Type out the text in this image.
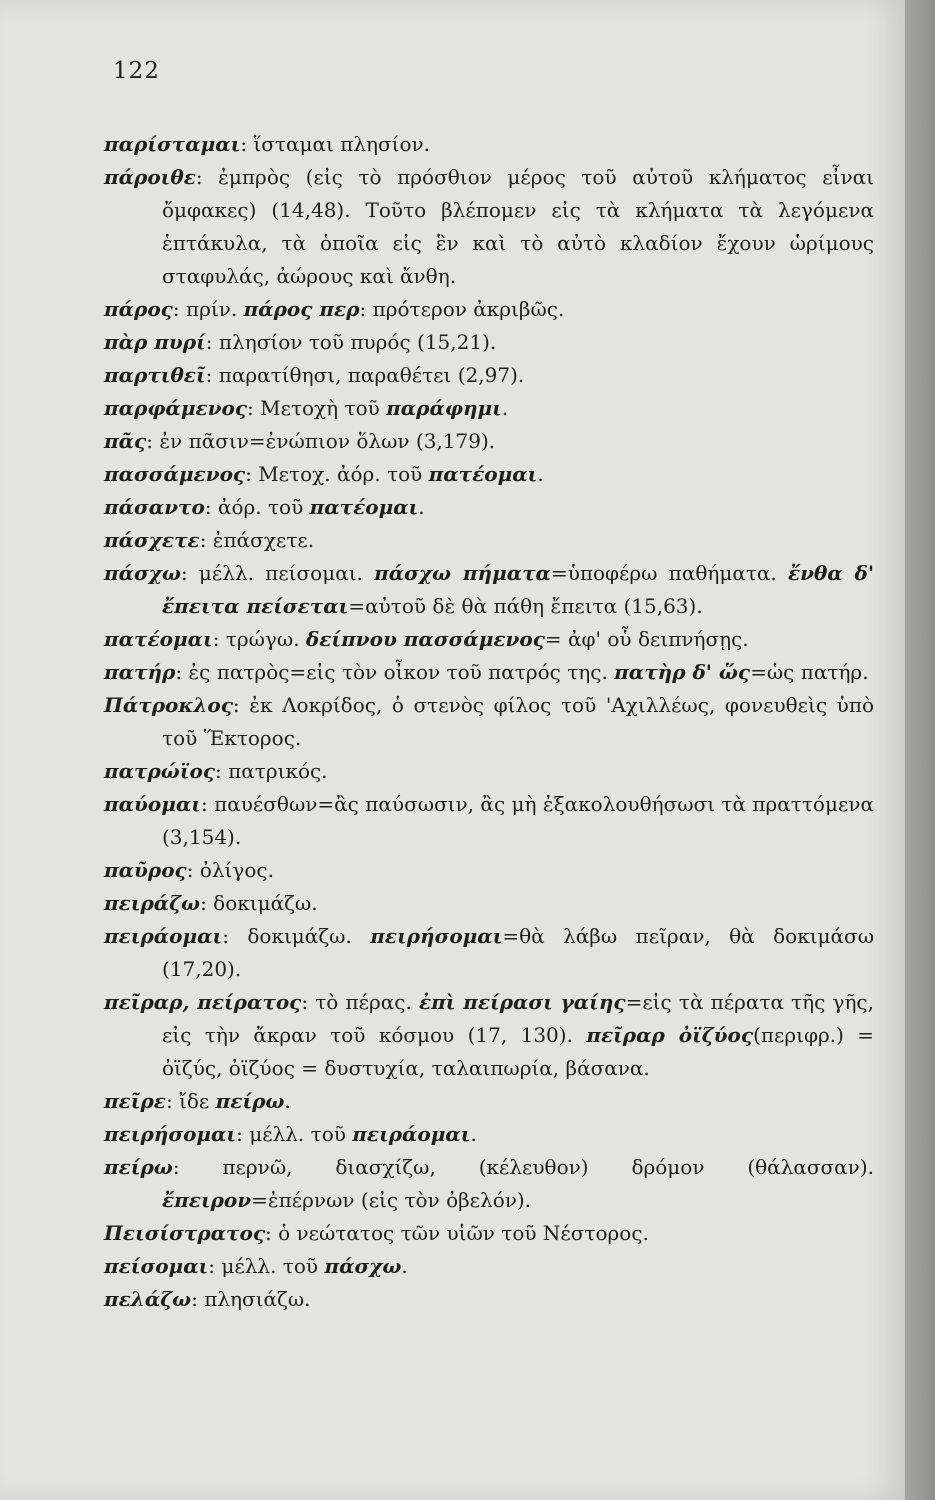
122

παρίσταμαι: ἵσταμαι πλησίον.

πάροιθε: ἐμπρὸς (εἰς τὸ πρόσθιον μέρος τοῦ αὐτοῦ κλήματος εἶναι ὄμφακες) (14,48). Τοῦτο βλέπομεν εἰς τὰ κλήματα τὰ λεγόμενα ἑπτάκυλα, τὰ ὁποῖα εἰς ἓν καὶ τὸ αὐτὸ κλαδίον ἔχουν ὡρίμους σταφυλάς, ἀώρους καὶ ἄνθη.

πάρος: πρίν. πάρος περ: πρότερον ἀκριβῶς.

πὰρ πυρί: πλησίον τοῦ πυρός (15,21).

παρτιθεῖ: παρατίθησι, παραθέτει (2,97).

παρφάμενος: Μετοχὴ τοῦ παράφημι.

πᾶς: ἐν πᾶσιν=ἐνώπιον ὅλων (3,179).

πασσάμενος: Μετοχ. ἀόρ. τοῦ πατέομαι.

πάσαντο: ἀόρ. τοῦ πατέομαι.

πάσχετε: ἐπάσχετε.

πάσχω: μέλλ. πείσομαι. πάσχω πήματα=ὑποφέρω παθήματα. ἔνθα δ' ἔπειτα πείσεται=αὐτοῦ δὲ θὰ πάθη ἔπειτα (15,63).

πατέομαι: τρώγω. δείπνου πασσάμενος= ἀφ' οὗ δειπνήσῃς.

πατήρ: ἐς πατρὸς=εἰς τὸν οἶκον τοῦ πατρός της. πατὴρ δ' ὥς=ὡς πατήρ.

Πάτροκλος: ἐκ Λοκρίδος, ὁ στενὸς φίλος τοῦ 'Αχιλλέως, φονευθεὶς ὑπὸ τοῦ Ἕκτορος.

πατρώϊος: πατρικός.

παύομαι: παυέσθων=ἂς παύσωσιν, ἂς μὴ ἐξακολουθήσωσι τὰ πραττόμενα (3,154).

παῦρος: ὀλίγος.

πειράζω: δοκιμάζω.

πειράομαι: δοκιμάζω. πειρήσομαι=θὰ λάβω πεῖραν, θὰ δοκιμάσω (17,20).

πεῖραρ, πείρατος: τὸ πέρας. ἐπὶ πείρασι γαίης=εἰς τὰ πέρατα τῆς γῆς, εἰς τὴν ἄκραν τοῦ κόσμου (17, 130). πεῖραρ ὀϊζύος(περιφρ.) = ὀϊζύς, ὀϊζύος = δυστυχία, ταλαιπωρία, βάσανα.

πεῖρε: ἴδε πείρω.

πειρήσομαι: μέλλ. τοῦ πειράομαι.

πείρω: περνῶ, διασχίζω, (κέλευθον) δρόμον (θάλασσαν). ἔπειρον=ἐπέρνων (εἰς τὸν ὀβελόν).

Πεισίστρατος: ὁ νεώτατος τῶν υἱῶν τοῦ Νέστορος.

πείσομαι: μέλλ. τοῦ πάσχω.

πελάζω: πλησιάζω.
